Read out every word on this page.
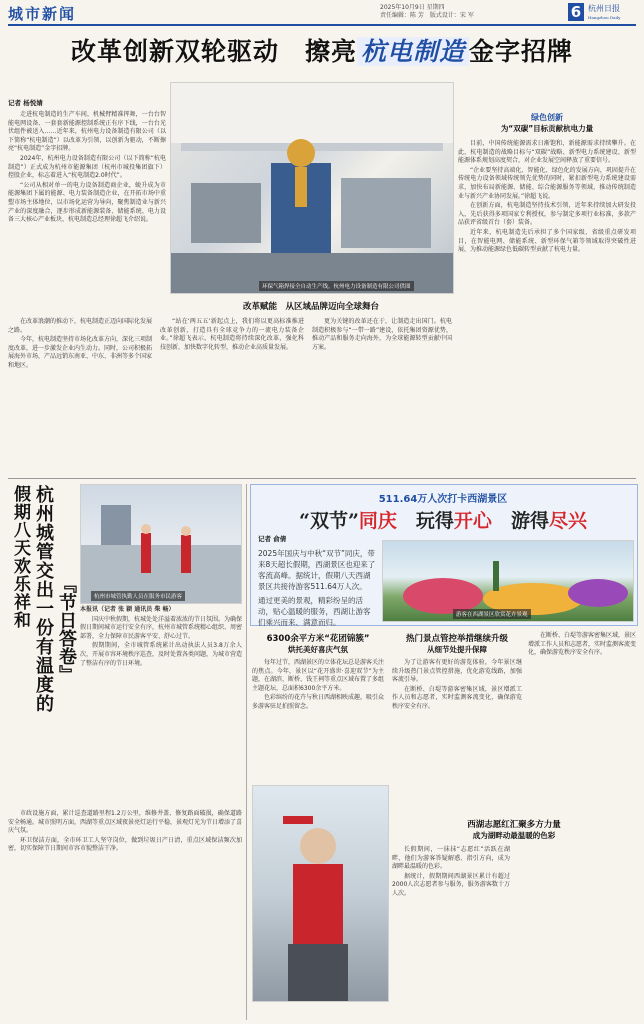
城市新闻	2025年10月9日 星期四
责任编辑：陈 芳　版式设计：宋 军	6 杭州日报
Hangzhou Daily
改革创新双轮驱动　擦亮 杭电制造 金字招牌
记者 杨悦婧

走进杭电制造的生产车间，机械臂精准挥舞，一台台智能电网设备、一套套新能源控制系统正有序下线，一台台光伏组件被送入……近年来，杭州电力设备制造有限公司（以下简称“杭电制造”）以改革为引领，以创新为驱动，不断擦亮“杭电制造”金字招牌。

2024年，杭州电力设备制造有限公司（以下简称“杭电制造”）正式成为杭州市能源集团（杭州市城投集团旗下）控股企业，标志着进入“杭电制造2.0时代”。

“公司从相对单一的电力设备制造商企业，蜕升成为市能源集团下属的能源、电力装备制造企业，在开拓市场中重塑市场主体地位，以市场化运营为导向，聚焦制造业与新兴产业的深度融合，逐步形成新能源装备、储能系统、电力设备三大核心产业板块，杭电制造总经理徐超飞介绍说。

环保气箱焊接全自动生产线。杭州电力设备制造有限公司供图
绿色创新
为“双碳”目标贡献杭电力量

目前，中国传统能源需求日渐饱和，新能源需求持续攀升。在此，杭电制造的战略目标与“双碳”战略、新型电力系统建设、新型能源体系规划高度契合，对企业发展空间释放了重要信号。

“企业要坚持高端化、智能化、绿色化的发展方向，巩固提升在传统电力设备领域传统领先优势的同时，紧扣新型电力系统建设需求，加快布局新能源、储能、综合能源服务等领域，推动传统制造业与新兴产业协同发展。”徐超飞说。

在创新方面，杭电制造坚持技术引领，近年来持续加大研发投入，先后获得多项国家专利授权，参与制定多项行业标准，多款产品获评省级首台（套）装备。

近年来，杭电制造先后承担了多个国家级、省级重点研发项目，在智能电网、储能系统、新型环保气箱等领域取得突破性进展，为推动能源绿色低碳转型贡献了杭电力量。

改革赋能　从区域品牌迈向全球舞台

在改革浪潮的推动下，杭电制造正迈向国际化发展之路。

今年，杭电制造坚持市场化改革方向，深化三项制度改革，进一步激发企业内生动力。同时，公司积极拓展海外市场，产品远销东南亚、中东、非洲等多个国家和地区。

“站在‘两五五’新起点上，我们将以更高标准推进改革创新，打造具有全球竞争力的一流电力装备企业。”徐超飞表示，杭电制造将持续深化改革，强化科技创新，加快数字化转型，推动企业高质量发展。

更为关键的改革还在于，让制造走出国门。杭电制造积极参与“一带一路”建设，依托集团资源优势，推动产品和服务走向海外，为全球能源转型贡献中国方案。

假期八天欢乐祥和 杭州城管交出一份有温度的 『节日答卷』	杭州市城管执勤人员在服务市民游客

本报讯（记者 张 颖 通讯员 柴 畅）

国庆中秋假期，杭城处处洋溢着浓浓的节日氛围。为确保假日期间城市运行安全有序，杭州市城管系统精心组织、周密部署，全力保障市民游客平安、舒心过节。

假期期间，全市城管系统累计出动执法人员3.8万余人次，开展市容环境秩序巡查，及时处置各类问题，为城市营造了整洁有序的节日环境。

市政设施方面，累计巡查道路里程1.2万公里，维修井盖、修复路面破损，确保道路安全畅通。城市照明方面，西湖等重点区域夜景亮灯运行平稳，景观灯光为节日增添了喜庆气氛。

环卫保洁方面，全市环卫工人坚守岗位，做到垃圾日产日清，重点区域保洁频次加密，切实保障节日期间市容市貌整洁干净。

511.64万人次打卡西湖景区
“双节”同庆　玩得开心　游得尽兴
记者 俞倩
2025年国庆与中秋“双节”同庆，带来8天超长假期，西湖景区也迎来了客流高峰。据统计，假期八天西湖景区共接待游客511.64万人次。
通过更美的景观，精彩纷呈的活动，贴心温暖的服务，西湖让游客们乘兴而来、满意而归。
游客在西湖景区欣赏花卉景观
6300余平方米“花团锦簇”
烘托美好喜庆气氛

每年过节，西湖景区的立体花坛总是游客关注的焦点。今年，景区以“花开盛世·喜迎双节”为主题，在湖滨、断桥、钱王祠等重点区域布置了多组主题花坛，总面积6300余平方米。

色彩缤纷的花卉与秋日西湖相映成趣，吸引众多游客驻足拍照留念。

热门景点管控举措继续升级
从细节处提升保障

为了让游客有更好的游览体验，今年景区继续升级热门景点管控措施，优化游览线路，加强客流引导。

在断桥、白堤等游客密集区域，景区增派工作人员和志愿者，实时监测客流变化，确保游览秩序安全有序。

在断桥、白堤等游客密集区域，景区增派工作人员和志愿者，实时监测客流变化，确保游览秩序安全有序。

西湖志愿红汇聚多方力量
成为湖畔动最温暖的色彩

长假期间，一抹抹“志愿红”活跃在湖畔，他们为游客答疑解惑、指引方向，成为湖畔最温暖的色彩。

据统计，假期期间西湖景区累计有超过2000人次志愿者参与服务，服务游客数十万人次。
